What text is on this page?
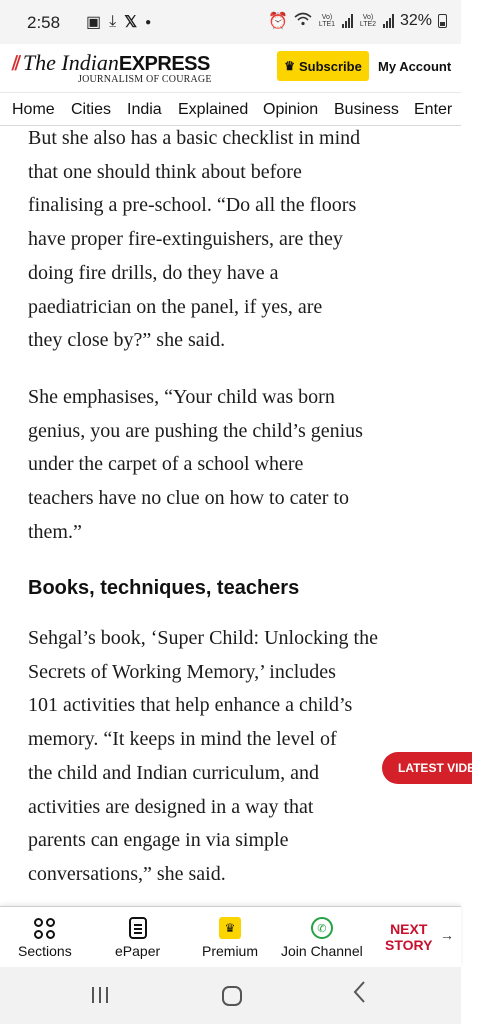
2:58 ▣ ⤓ 𝕏 ●	⏰	Vo) LTE1
Vo) LTE2 32%
⫽ The Indian EXPRESS
JOURNALISM OF COURAGE
♛ Subscribe My Account
Home Cities India Explained Opinion Business Enter
But she also has a basic checklist in mind
that one should think about before
finalising a pre-school. “Do all the floors
have proper fire-extinguishers, are they
doing fire drills, do they have a
paediatrician on the panel, if yes, are
they close by?” she said.
She emphasises, “Your child was born
genius, you are pushing the child’s genius
under the carpet of a school where
teachers have no clue on how to cater to
them.”
Books, techniques, teachers
Sehgal’s book, ‘Super Child: Unlocking the
Secrets of Working Memory,’ includes
101 activities that help enhance a child’s
memory. “It keeps in mind the level of
the child and Indian curriculum, and
activities are designed in a way that
parents can engage in via simple
conversations,” she said.
LATEST VIDEOS
Sections	ePaper
♛
Premium
✆
Join Channel
NEXT
STORY
→
